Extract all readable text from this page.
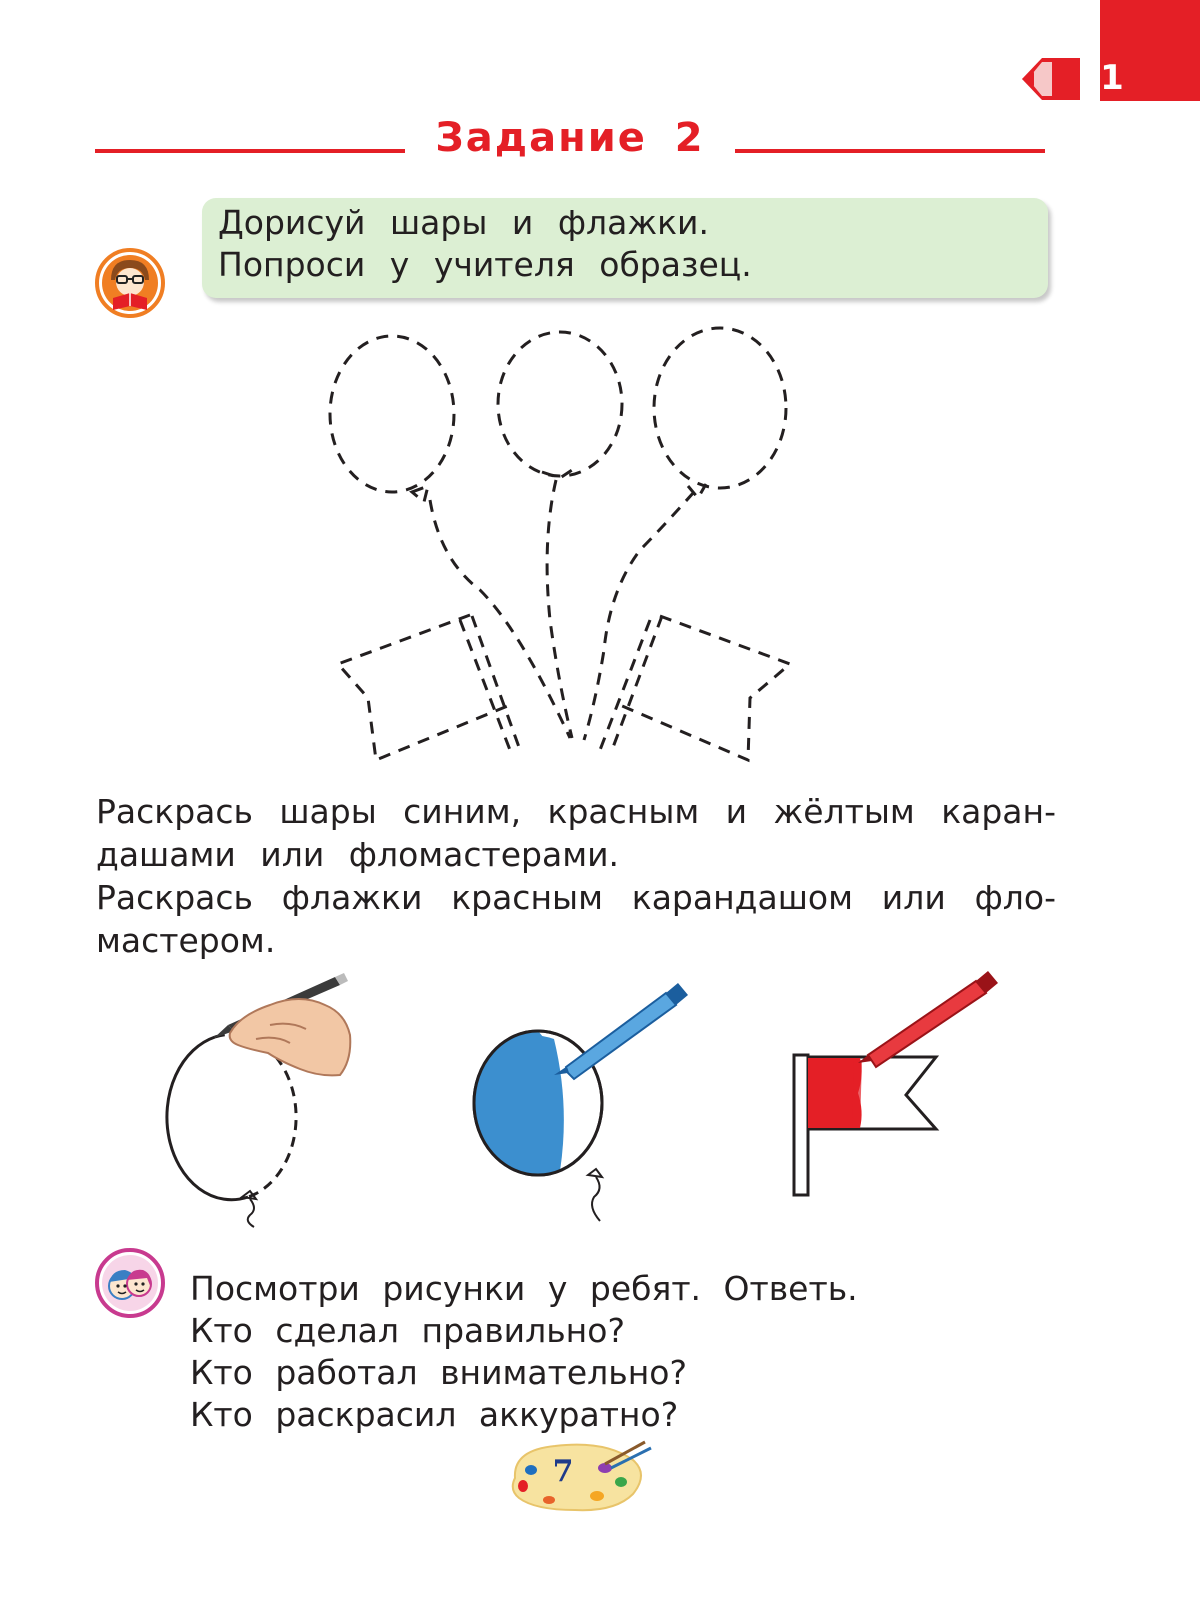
1
Задание 2
Дорисуй шары и флажки.
Попроси у учителя образец.
Раскрась шары синим, красным и жёлтым каран-
дашами или фломастерами.
Раскрась флажки красным карандашом или фло-
мастером.
Посмотри рисунки у ребят. Ответь.
Кто сделал правильно?
Кто работал внимательно?
Кто раскрасил аккуратно?
7
